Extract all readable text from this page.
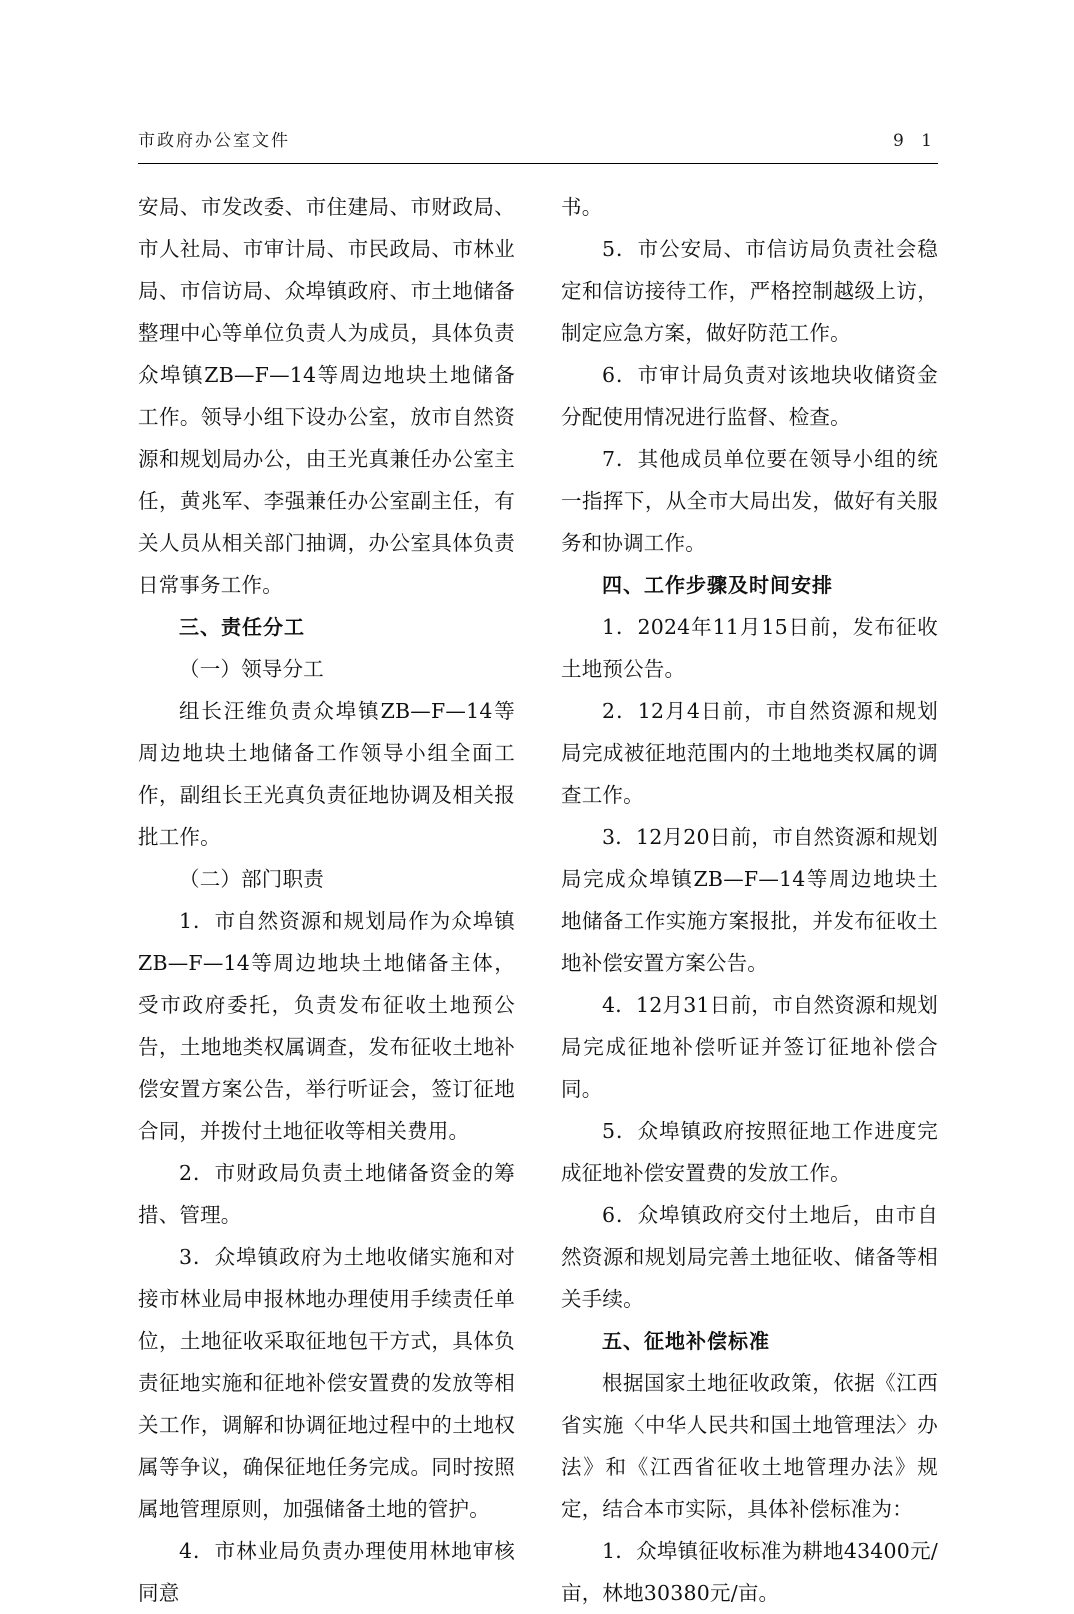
市政府办公室文件	9 1

安局、市发改委、市住建局、市财政局、市人社局、市审计局、市民政局、市林业局、市信访局、众埠镇政府、市土地储备整理中心等单位负责人为成员，具体负责众埠镇ZB—F—14等周边地块土地储备工作。领导小组下设办公室，放市自然资源和规划局办公，由王光真兼任办公室主任，黄兆军、李强兼任办公室副主任，有关人员从相关部门抽调，办公室具体负责日常事务工作。

三、责任分工

（一）领导分工

组长汪维负责众埠镇ZB—F—14等周边地块土地储备工作领导小组全面工作，副组长王光真负责征地协调及相关报批工作。

（二）部门职责

1．市自然资源和规划局作为众埠镇ZB—F—14等周边地块土地储备主体，受市政府委托，负责发布征收土地预公告，土地地类权属调查，发布征收土地补偿安置方案公告，举行听证会，签订征地合同，并拨付土地征收等相关费用。

2．市财政局负责土地储备资金的筹措、管理。

3．众埠镇政府为土地收储实施和对接市林业局申报林地办理使用手续责任单位，土地征收采取征地包干方式，具体负责征地实施和征地补偿安置费的发放等相关工作，调解和协调征地过程中的土地权属等争议，确保征地任务完成。同时按照属地管理原则，加强储备土地的管护。

4．市林业局负责办理使用林地审核同意

书。

5．市公安局、市信访局负责社会稳定和信访接待工作，严格控制越级上访，制定应急方案，做好防范工作。

6．市审计局负责对该地块收储资金分配使用情况进行监督、检查。

7．其他成员单位要在领导小组的统一指挥下，从全市大局出发，做好有关服务和协调工作。

四、工作步骤及时间安排

1．2024年11月15日前，发布征收土地预公告。

2．12月4日前，市自然资源和规划局完成被征地范围内的土地地类权属的调查工作。

3．12月20日前，市自然资源和规划局完成众埠镇ZB—F—14等周边地块土地储备工作实施方案报批，并发布征收土地补偿安置方案公告。

4．12月31日前，市自然资源和规划局完成征地补偿听证并签订征地补偿合同。

5．众埠镇政府按照征地工作进度完成征地补偿安置费的发放工作。

6．众埠镇政府交付土地后，由市自然资源和规划局完善土地征收、储备等相关手续。

五、征地补偿标准

根据国家土地征收政策，依据《江西省实施〈中华人民共和国土地管理法〉办法》和《江西省征收土地管理办法》规定，结合本市实际，具体补偿标准为：

1．众埠镇征收标准为耕地43400元/亩，林地30380元/亩。
